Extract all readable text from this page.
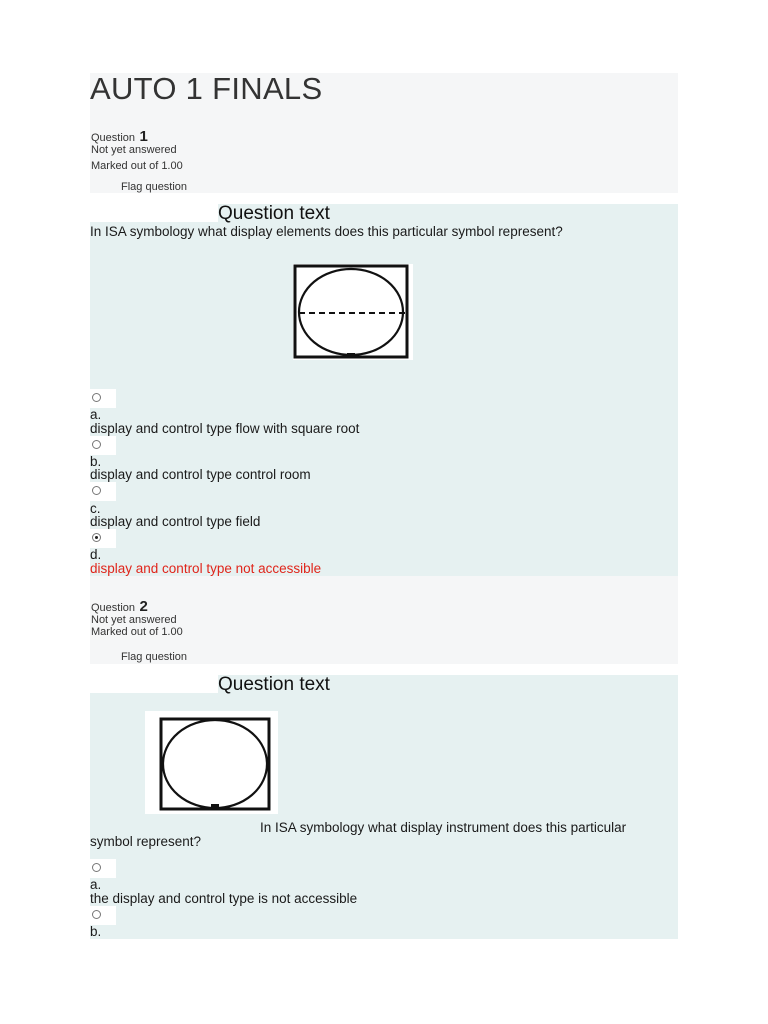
AUTO 1 FINALS
Question 1
Not yet answered
Marked out of 1.00
Flag question
Question text
In ISA symbology what display elements does this particular symbol represent?
a.
display and control type flow with square root
b.
display and control type control room
c.
display and control type field
d.
display and control type not accessible
Question 2
Not yet answered
Marked out of 1.00
Flag question
Question text
In ISA symbology what display instrument does this particular
symbol represent?
a.
the display and control type is not accessible
b.
